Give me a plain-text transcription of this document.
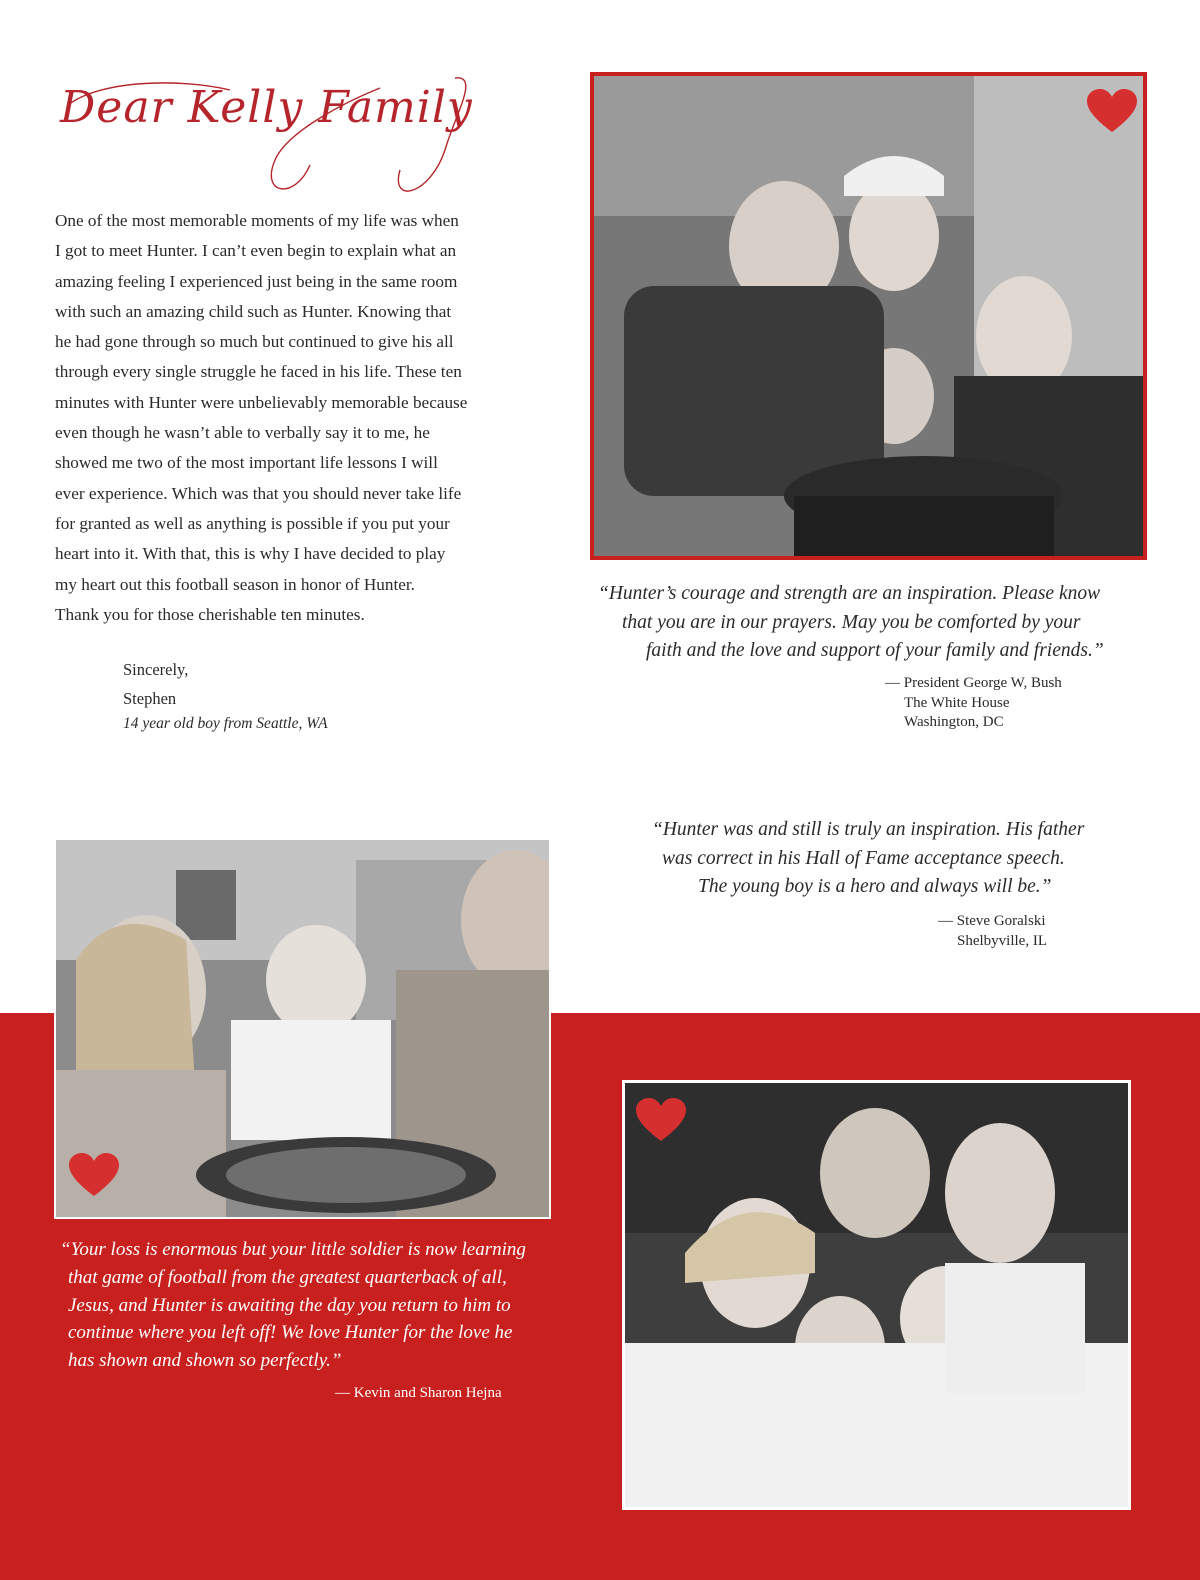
Dear Kelly Family
One of the most memorable moments of my life was when
I got to meet Hunter. I can’t even begin to explain what an
amazing feeling I experienced just being in the same room
with such an amazing child such as Hunter. Knowing that
he had gone through so much but continued to give his all
through every single struggle he faced in his life. These ten
minutes with Hunter were unbelievably memorable because
even though he wasn’t able to verbally say it to me, he
showed me two of the most important life lessons I will
ever experience. Which was that you should never take life
for granted as well as anything is possible if you put your
heart into it. With that, this is why I have decided to play
my heart out this football season in honor of Hunter.
Thank you for those cherishable ten minutes.
Sincerely,
Stephen
14 year old boy from Seattle, WA
“Hunter’s courage and strength are an inspiration. Please know
that you are in our prayers. May you be comforted by your
faith and the love and support of your family and friends.”
— President George W, Bush
The White House
Washington, DC
“Hunter was and still is truly an inspiration. His father
was correct in his Hall of Fame acceptance speech.
The young boy is a hero and always will be.”
— Steve Goralski
Shelbyville, IL
“Your loss is enormous but your little soldier is now learning
that game of football from the greatest quarterback of all,
Jesus, and Hunter is awaiting the day you return to him to
continue where you left off! We love Hunter for the love he
has shown and shown so perfectly.”
— Kevin and Sharon Hejna
